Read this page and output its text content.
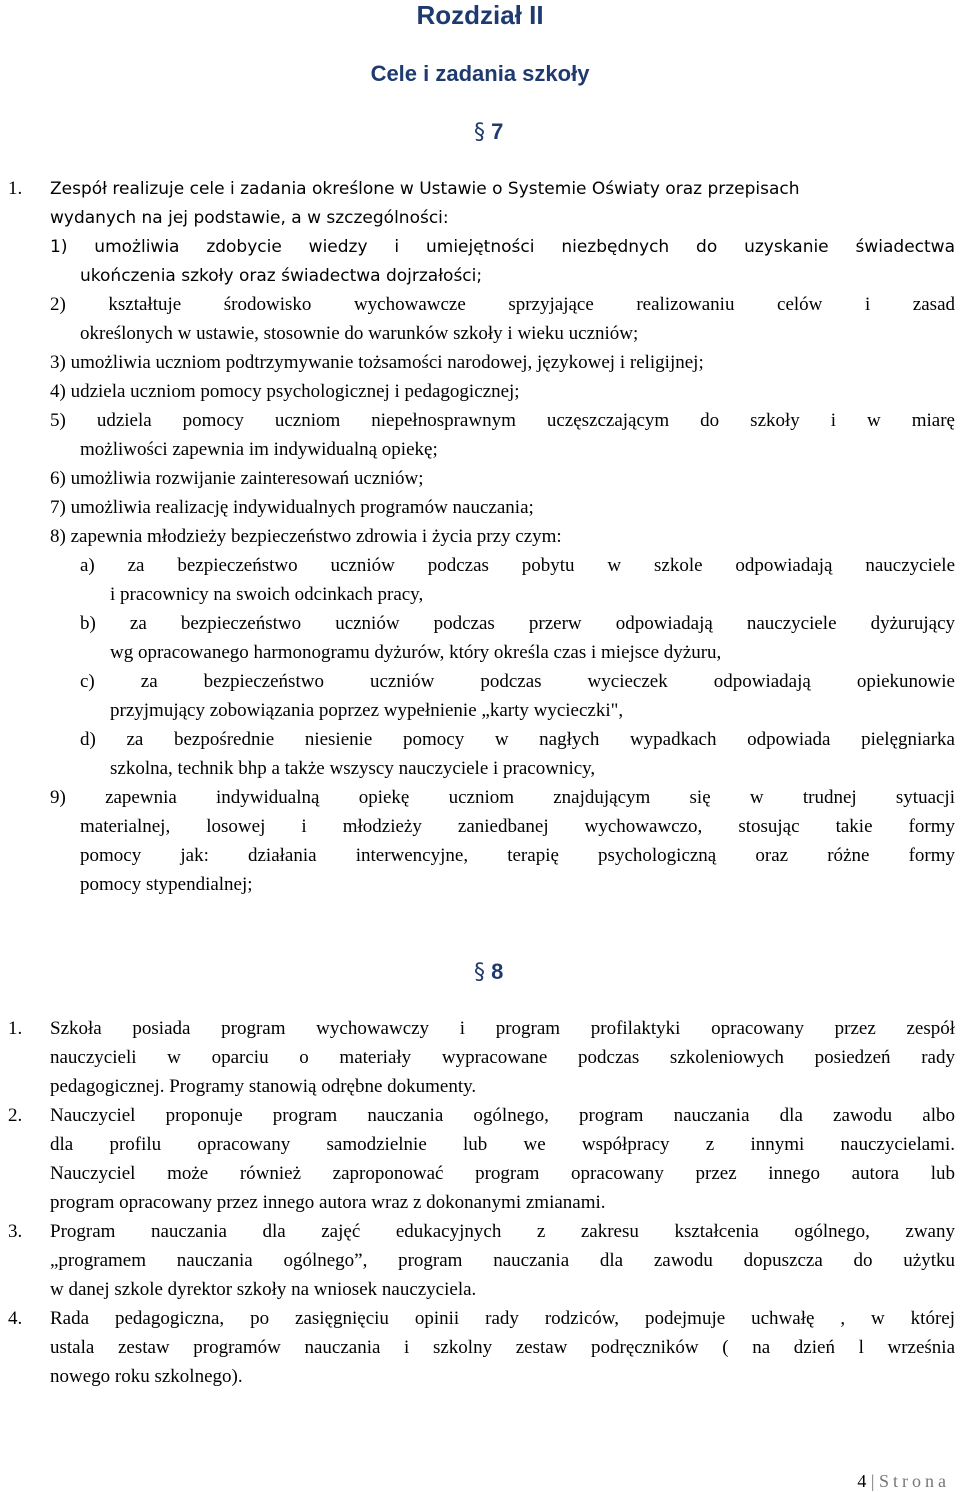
Rozdział II
Cele i zadania szkoły
§ 7
1. Zespół realizuje cele i zadania określone w Ustawie o Systemie Oświaty oraz przepisach
wydanych na jej podstawie, a w szczególności:
1) umożliwia zdobycie wiedzy i umiejętności niezbędnych do uzyskanie świadectwa
ukończenia szkoły oraz świadectwa dojrzałości;
2) kształtuje środowisko wychowawcze sprzyjające realizowaniu celów i zasad
określonych w ustawie, stosownie do warunków szkoły i wieku uczniów;
3) umożliwia uczniom podtrzymywanie tożsamości narodowej, językowej i religijnej;
4) udziela uczniom pomocy psychologicznej i pedagogicznej;
5) udziela pomocy uczniom niepełnosprawnym uczęszczającym do szkoły i w miarę
możliwości zapewnia im indywidualną opiekę;
6) umożliwia rozwijanie zainteresowań uczniów;
7) umożliwia realizację indywidualnych programów nauczania;
8) zapewnia młodzieży bezpieczeństwo zdrowia i życia przy czym:
a) za bezpieczeństwo uczniów podczas pobytu w szkole odpowiadają nauczyciele
i pracownicy na swoich odcinkach pracy,
b) za bezpieczeństwo uczniów podczas przerw odpowiadają nauczyciele dyżurujący
wg opracowanego harmonogramu dyżurów, który określa czas i miejsce dyżuru,
c) za bezpieczeństwo uczniów podczas wycieczek odpowiadają opiekunowie
przyjmujący zobowiązania poprzez wypełnienie „karty wycieczki",
d) za bezpośrednie niesienie pomocy w nagłych wypadkach odpowiada pielęgniarka
szkolna, technik bhp a także wszyscy nauczyciele i pracownicy,
9) zapewnia indywidualną opiekę uczniom znajdującym się w trudnej sytuacji
materialnej, losowej i młodzieży zaniedbanej wychowawczo, stosując takie formy
pomocy jak: działania interwencyjne, terapię psychologiczną oraz różne formy
pomocy stypendialnej;
§ 8
1. Szkoła posiada program wychowawczy i program profilaktyki opracowany przez zespół
nauczycieli w oparciu o materiały wypracowane podczas szkoleniowych posiedzeń rady
pedagogicznej. Programy stanowią odrębne dokumenty.
2. Nauczyciel proponuje program nauczania ogólnego, program nauczania dla zawodu albo
dla profilu opracowany samodzielnie lub we współpracy z innymi nauczycielami.
Nauczyciel może również zaproponować program opracowany przez innego autora lub
program opracowany przez innego autora wraz z dokonanymi zmianami.
3. Program nauczania dla zajęć edukacyjnych z zakresu kształcenia ogólnego, zwany
„programem nauczania ogólnego”, program nauczania dla zawodu dopuszcza do użytku
w danej szkole dyrektor szkoły na wniosek nauczyciela.
4. Rada pedagogiczna, po zasięgnięciu opinii rady rodziców, podejmuje uchwałę , w której
ustala zestaw programów nauczania i szkolny zestaw podręczników ( na dzień l września
nowego roku szkolnego).
4 | Strona
